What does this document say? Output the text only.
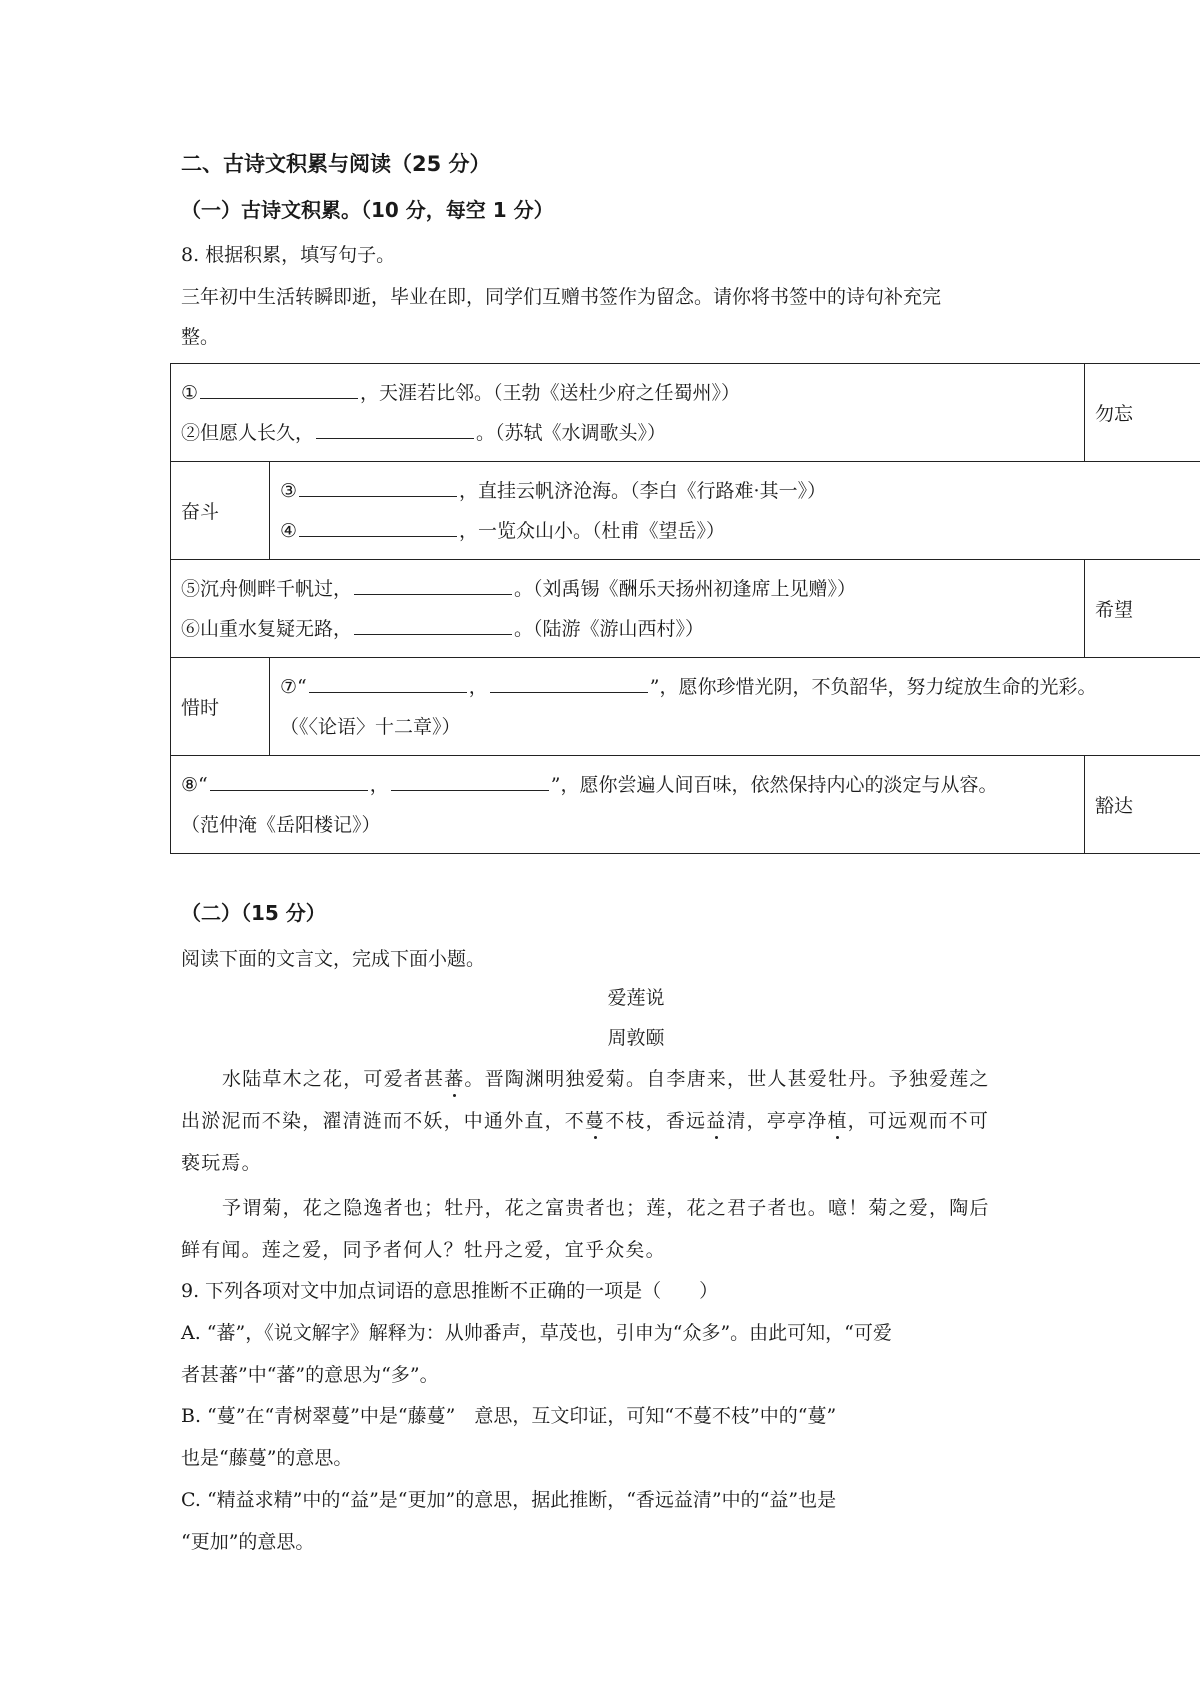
二、古诗文积累与阅读（25 分）
（一）古诗文积累。（10 分，每空 1 分）
8. 根据积累，填写句子。
三年初中生活转瞬即逝，毕业在即，同学们互赠书签作为留念。请你将书签中的诗句补充完
整。
① ，天涯若比邻。（王勃《送杜少府之任蜀州》）
②但愿人长久， 。（苏轼《水调歌头》）		勿忘
奋斗	③ ，直挂云帆济沧海。（李白《行路难·其一》）
④ ，一览众山小。（杜甫《望岳》）	

⑤沉舟侧畔千帆过， 。（刘禹锡《酬乐天扬州初逢席上见赠》）
⑥山重水复疑无路， 。（陆游《游山西村》）		希望
惜时	⑦“ ， ”，愿你珍惜光阴，不负韶华，努力绽放生命的光彩。
（《〈论语〉十二章》）	

⑧“ ， ”，愿你尝遍人间百味，依然保持内心的淡定与从容。
（范仲淹《岳阳楼记》）		豁达
（二）（15 分）
阅读下面的文言文，完成下面小题。
爱莲说
周敦颐
水陆草木之花，可爱者甚蕃。晋陶渊明独爱菊。自李唐来，世人甚爱牡丹。予独爱莲之
出淤泥而不染，濯清涟而不妖，中通外直，不蔓不枝，香远益清，亭亭净植，可远观而不可
亵玩焉。
予谓菊，花之隐逸者也；牡丹，花之富贵者也；莲，花之君子者也。噫！菊之爱，陶后
鲜有闻。莲之爱，同予者何人？牡丹之爱，宜乎众矣。
9. 下列各项对文中加点词语的意思推断不正确的一项是（　　）
A. “蕃”，《说文解字》解释为：从帅番声，草茂也，引申为“众多”。由此可知，“可爱
者甚蕃”中“蕃”的意思为“多”。
B. “蔓”在“青树翠蔓”中是“藤蔓”　意思，互文印证，可知“不蔓不枝”中的“蔓”
也是“藤蔓”的意思。
C. “精益求精”中的“益”是“更加”的意思，据此推断，“香远益清”中的“益”也是
“更加”的意思。
